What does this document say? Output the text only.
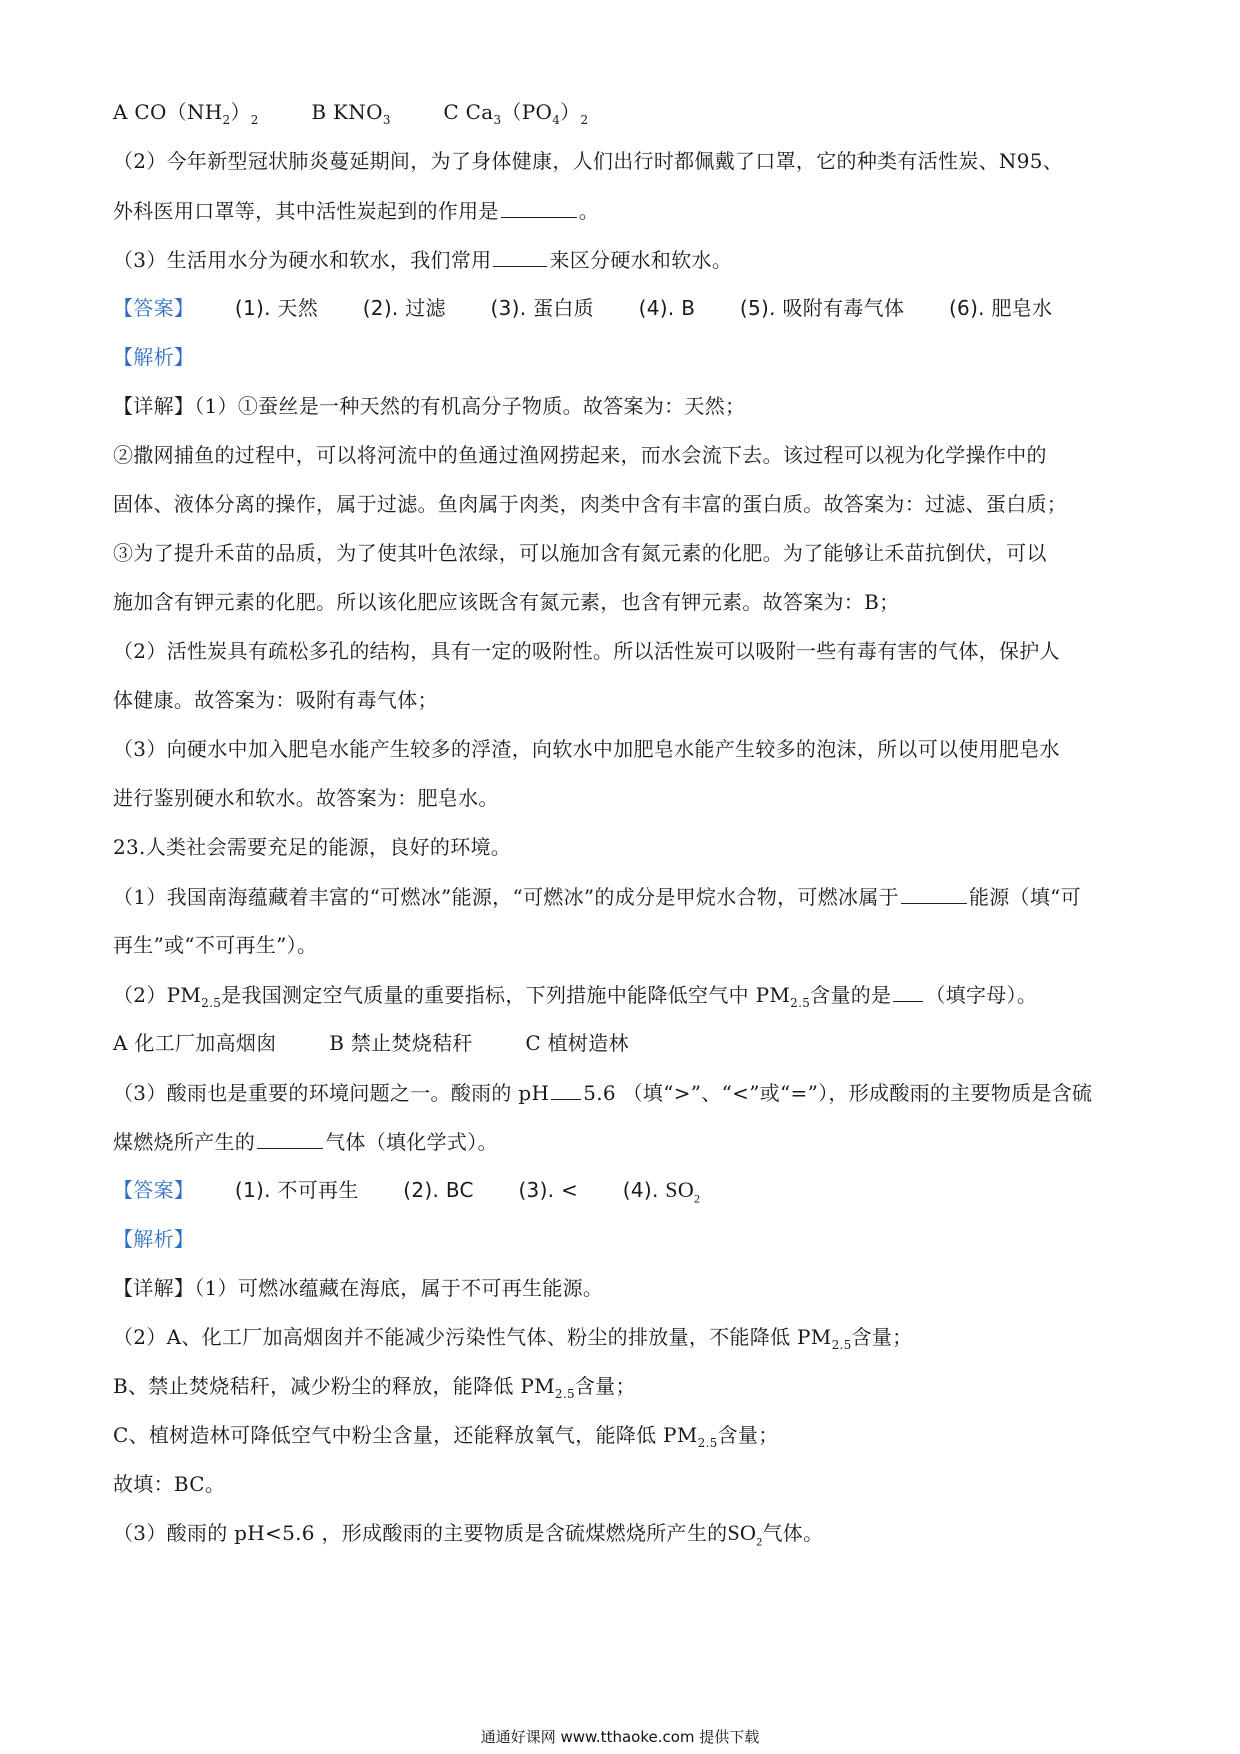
A $CO(NH_2)_2$	B $KNO_3$	C $Ca_3(PO_4)_2$
（2）今年新型冠状肺炎蔓延期间，为了身体健康，人们出行时都佩戴了口罩，它的种类有活性炭、N95、
外科医用口罩等，其中活性炭起到的作用是	。
（3）生活用水分为硬水和软水，我们常用	来区分硬水和软水。
【答案】 (1). 天然 (2). 过滤 (3). 蛋白质 (4). B (5). 吸附有毒气体 (6). 肥皂水
【解析】
【详解】（1）①蚕丝是一种天然的有机高分子物质。故答案为：天然；
②撒网捕鱼的过程中，可以将河流中的鱼通过渔网捞起来，而水会流下去。该过程可以视为化学操作中的
固体、液体分离的操作，属于过滤。鱼肉属于肉类，肉类中含有丰富的蛋白质。故答案为：过滤、蛋白质；
③为了提升禾苗的品质，为了使其叶色浓绿，可以施加含有氮元素的化肥。为了能够让禾苗抗倒伏，可以
施加含有钾元素的化肥。所以该化肥应该既含有氮元素，也含有钾元素。故答案为：B；
（2）活性炭具有疏松多孔的结构，具有一定的吸附性。所以活性炭可以吸附一些有毒有害的气体，保护人
体健康。故答案为：吸附有毒气体；
（3）向硬水中加入肥皂水能产生较多的浮渣，向软水中加肥皂水能产生较多的泡沫，所以可以使用肥皂水
进行鉴别硬水和软水。故答案为：肥皂水。
23.人类社会需要充足的能源，良好的环境。
（1）我国南海蕴藏着丰富的“可燃冰”能源，“可燃冰”的成分是甲烷水合物，可燃冰属于	能源（填“可
再生”或“不可再生”）。
$(2)PM_{2.5}$是我国测定空气质量的重要指标，下列措施中能降低空气中 $PM_{2.5}$含量的是 （填字母）。
A 化工厂加高烟囱	B 禁止焚烧秸秆	C 植树造林
（3）酸雨也是重要的环境问题之一。酸雨的 pH 5.6 （填“>”、“<”或“=”），形成酸雨的主要物质是含硫
煤燃烧所产生的	气体（填化学式）。
【答案】 (1). 不可再生 (2). BC (3). < (4). $SO_2$
【解析】
【详解】（1）可燃冰蕴藏在海底，属于不可再生能源。
（2）A、化工厂加高烟囱并不能减少污染性气体、粉尘的排放量，不能降低 $PM_{2.5}$含量；
B、禁止焚烧秸秆，减少粉尘的释放，能降低 $PM_{2.5}$含量；
C、植树造林可降低空气中粉尘含量，还能释放氧气，能降低 $PM_{2.5}$含量；
故填：BC。
（3）酸雨的 pH<5.6 ，形成酸雨的主要物质是含硫煤燃烧所产生的$SO_2$气体。
通通好课网 www.tthaoke.com 提供下载
